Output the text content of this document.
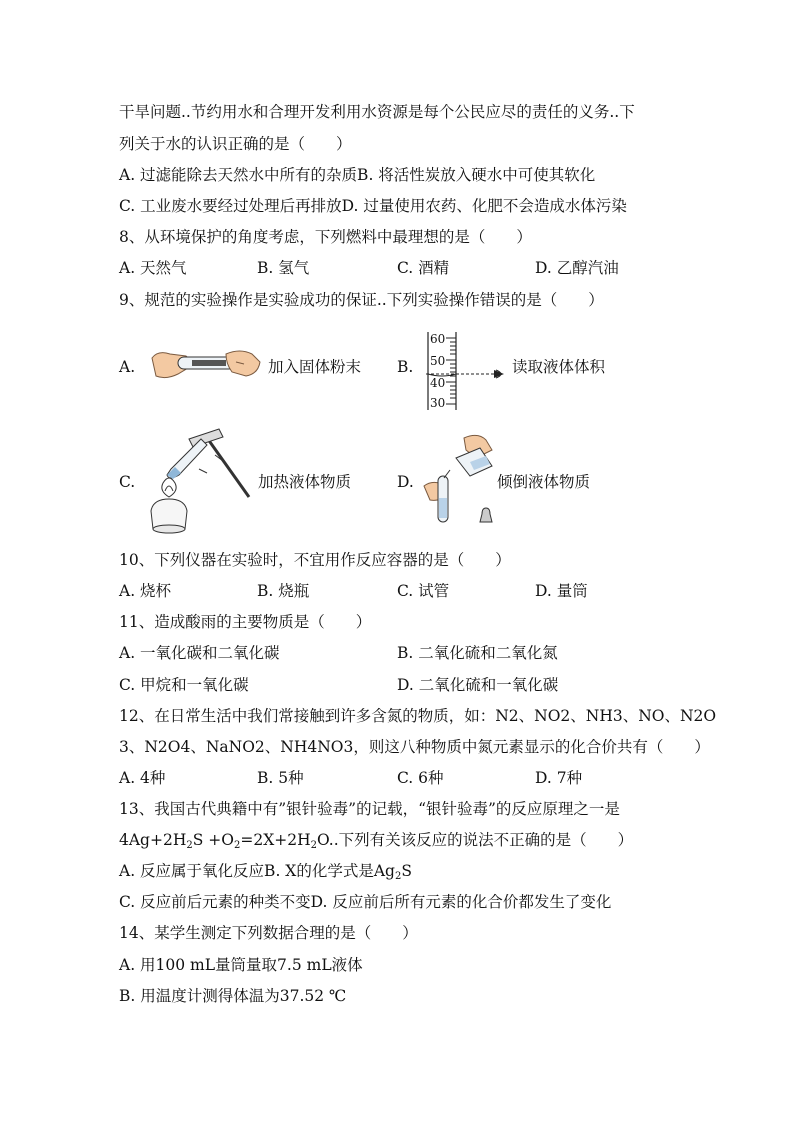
干旱问题..节约用水和合理开发利用水资源是每个公民应尽的责任的义务..下
列关于水的认识正确的是（　　）
A. 过滤能除去天然水中所有的杂质B. 将活性炭放入硬水中可使其软化
C. 工业废水要经过处理后再排放D. 过量使用农药、化肥不会造成水体污染
8、从环境保护的角度考虑，下列燃料中最理想的是（　　）
A. 天然气	B. 氢气	C. 酒精	D. 乙醇汽油
9、规范的实验操作是实验成功的保证..下列实验操作错误的是（　　）
A.	加入固体粉末 B.
60
50
40
30
读取液体体积
C.	加热液体物质	D.	倾倒液体物质
10、下列仪器在实验时，不宜用作反应容器的是（　　）
A. 烧杯	B. 烧瓶	C. 试管	D. 量筒
11、造成酸雨的主要物质是（　　）
A. 一氧化碳和二氧化碳	B. 二氧化硫和二氧化氮
C. 甲烷和一氧化碳	D. 二氧化硫和一氧化碳
12、在日常生活中我们常接触到许多含氮的物质，如：N2、NO2、NH3、NO、N2O
3、N2O4、NaNO2、NH4NO3，则这八种物质中氮元素显示的化合价共有（　　）
A. 4种	B. 5种	C. 6种	D. 7种
13、我国古代典籍中有”银针验毒”的记载，“银针验毒”的反应原理之一是
$4Ag+2H_2S +O_2=2X+2H_2O$..下列有关该反应的说法不正确的是（　　）
A. 反应属于氧化反应B. X的化学式是$Ag_2S$
C. 反应前后元素的种类不变D. 反应前后所有元素的化合价都发生了变化
14、某学生测定下列数据合理的是（　　）
A. 用100 mL量筒量取7.5 mL液体
B. 用温度计测得体温为37.52 ℃
